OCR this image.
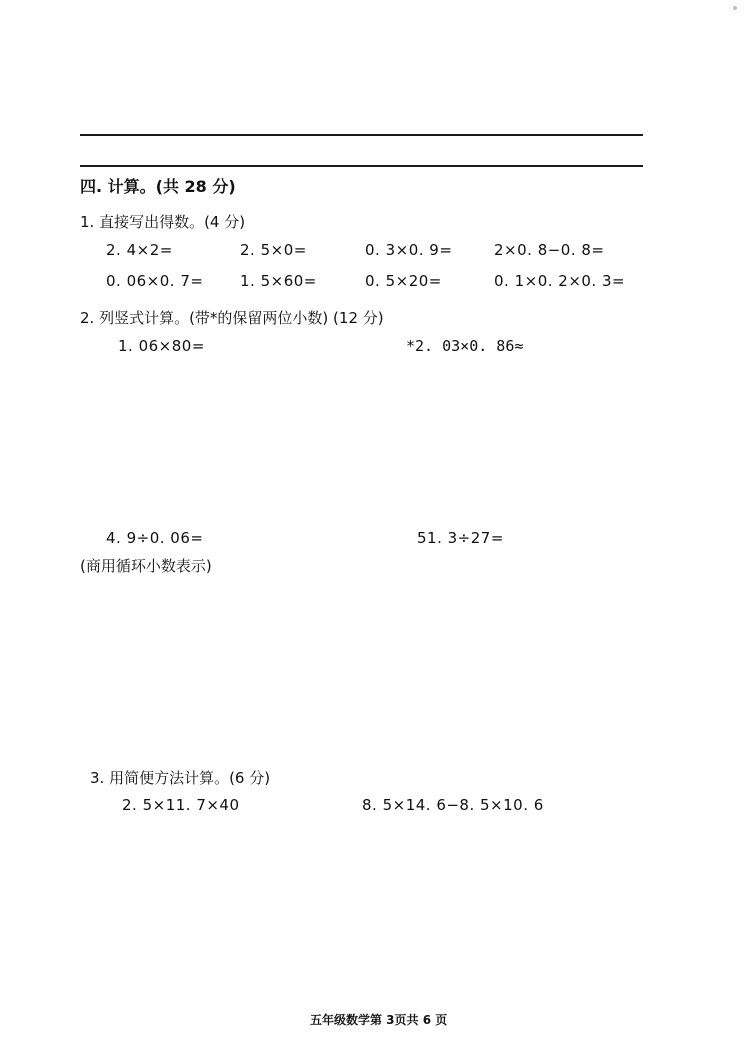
四. 计算。(共 28 分)
1. 直接写出得数。(4 分)
2. 4×2=	2. 5×0=	0. 3×0. 9=	2×0. 8−0. 8=
0. 06×0. 7= 1. 5×60=	0. 5×20=	0. 1×0. 2×0. 3=
2. 列竖式计算。(带*的保留两位小数) (12 分)
1. 06×80=	*2. 03×0. 86≈
4. 9÷0. 06=	51. 3÷27=
(商用循环小数表示)
3. 用简便方法计算。(6 分)
2. 5×11. 7×40	8. 5×14. 6−8. 5×10. 6
五年级数学第 3页共 6 页
